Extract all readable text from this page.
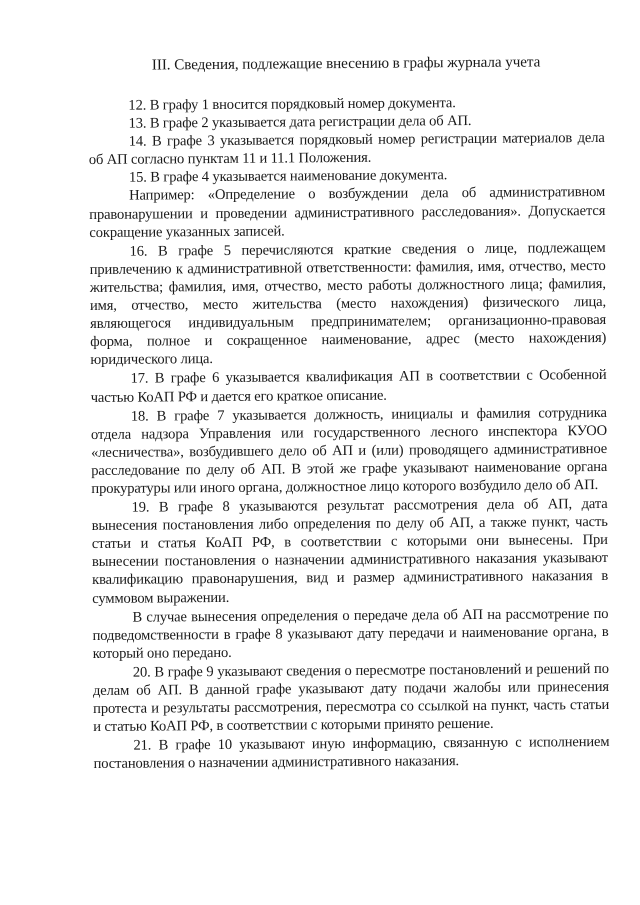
III. Сведения, подлежащие внесению в графы журнала учета

12. В графу 1 вносится порядковый номер документа.

13. В графе 2 указывается дата регистрации дела об АП.

14. В графе 3 указывается порядковый номер регистрации материалов дела об АП согласно пунктам 11 и 11.1 Положения.

15. В графе 4 указывается наименование документа.

Например: «Определение о возбуждении дела об административном правонарушении и проведении административного расследования». Допускается сокращение указанных записей.

16. В графе 5 перечисляются краткие сведения о лице, подлежащем привлечению к административной ответственности: фамилия, имя, отчество, место жительства; фамилия, имя, отчество, место работы должностного лица; фамилия, имя, отчество, место жительства (место нахождения) физического лица, являющегося индивидуальным предпринимателем; организационно-правовая форма, полное и сокращенное наименование, адрес (место нахождения) юридического лица.

17. В графе 6 указывается квалификация АП в соответствии с Особенной частью КоАП РФ и дается его краткое описание.

18. В графе 7 указывается должность, инициалы и фамилия сотрудника отдела надзора Управления или государственного лесного инспектора КУОО «лесничества», возбудившего дело об АП и (или) проводящего административное расследование по делу об АП. В этой же графе указывают наименование органа прокуратуры или иного органа, должностное лицо которого возбудило дело об АП.

19. В графе 8 указываются результат рассмотрения дела об АП, дата вынесения постановления либо определения по делу об АП, а также пункт, часть статьи и статья КоАП РФ, в соответствии с которыми они вынесены. При вынесении постановления о назначении административного наказания указывают квалификацию правонарушения, вид и размер административного наказания в суммовом выражении.

В случае вынесения определения о передаче дела об АП на рассмотрение по подведомственности в графе 8 указывают дату передачи и наименование органа, в который оно передано.

20. В графе 9 указывают сведения о пересмотре постановлений и решений по делам об АП. В данной графе указывают дату подачи жалобы или принесения протеста и результаты рассмотрения, пересмотра со ссылкой на пункт, часть статьи и статью КоАП РФ, в соответствии с которыми принято решение.

21. В графе 10 указывают иную информацию, связанную с исполнением постановления о назначении административного наказания.
